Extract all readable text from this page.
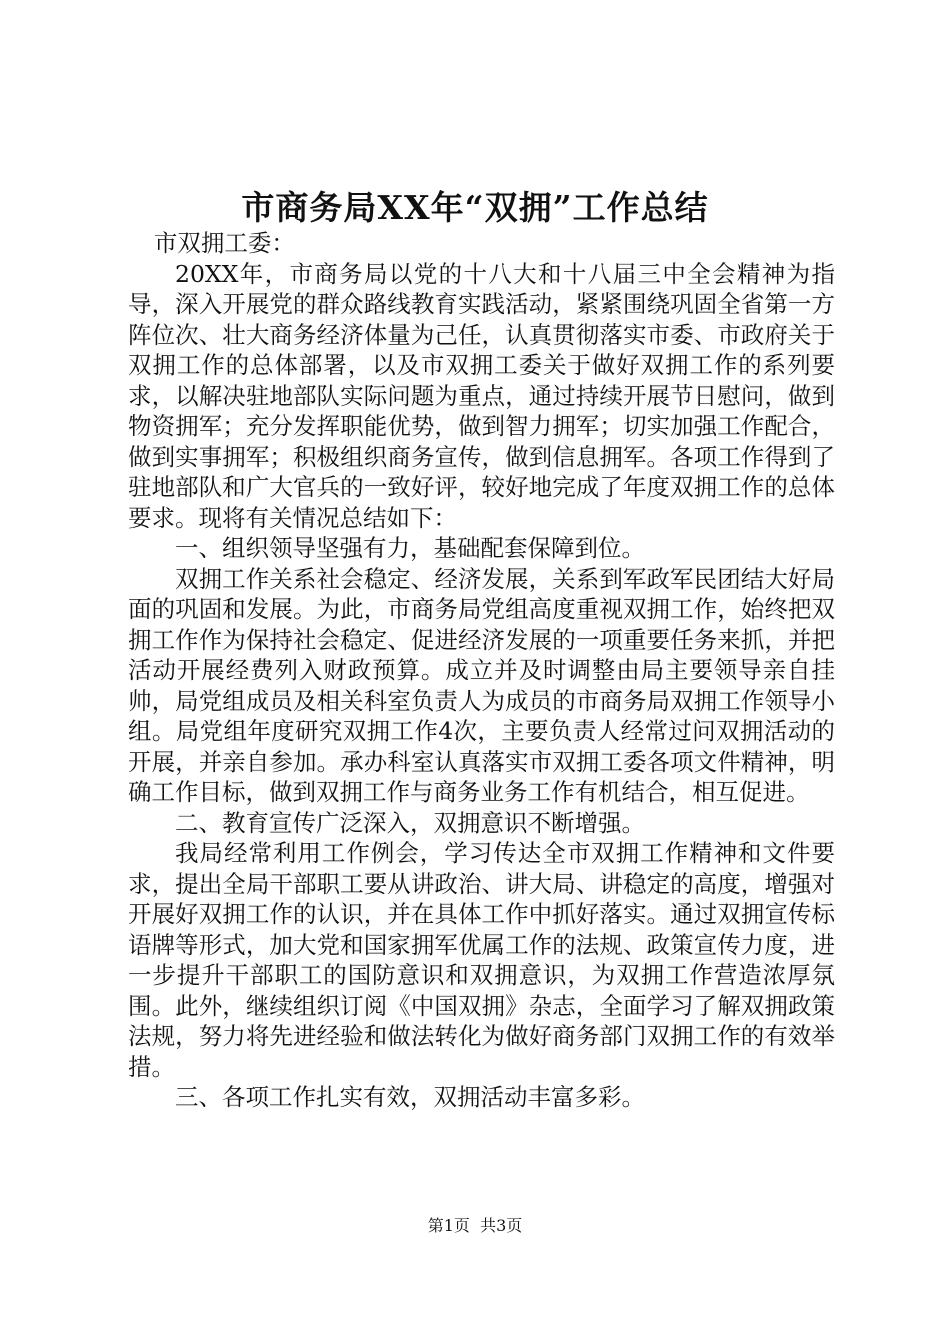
市商务局XX年“双拥”工作总结

市双拥工委：

20XX年，市商务局以党的十八大和十八届三中全会精神为指导，深入开展党的群众路线教育实践活动，紧紧围绕巩固全省第一方阵位次、壮大商务经济体量为己任，认真贯彻落实市委、市政府关于双拥工作的总体部署，以及市双拥工委关于做好双拥工作的系列要求，以解决驻地部队实际问题为重点，通过持续开展节日慰问，做到物资拥军；充分发挥职能优势，做到智力拥军；切实加强工作配合，做到实事拥军；积极组织商务宣传，做到信息拥军。各项工作得到了驻地部队和广大官兵的一致好评，较好地完成了年度双拥工作的总体要求。现将有关情况总结如下：

一、组织领导坚强有力，基础配套保障到位。

双拥工作关系社会稳定、经济发展，关系到军政军民团结大好局面的巩固和发展。为此，市商务局党组高度重视双拥工作，始终把双拥工作作为保持社会稳定、促进经济发展的一项重要任务来抓，并把活动开展经费列入财政预算。成立并及时调整由局主要领导亲自挂帅，局党组成员及相关科室负责人为成员的市商务局双拥工作领导小组。局党组年度研究双拥工作4次，主要负责人经常过问双拥活动的开展，并亲自参加。承办科室认真落实市双拥工委各项文件精神，明确工作目标，做到双拥工作与商务业务工作有机结合，相互促进。

二、教育宣传广泛深入，双拥意识不断增强。

我局经常利用工作例会，学习传达全市双拥工作精神和文件要求，提出全局干部职工要从讲政治、讲大局、讲稳定的高度，增强对开展好双拥工作的认识，并在具体工作中抓好落实。通过双拥宣传标语牌等形式，加大党和国家拥军优属工作的法规、政策宣传力度，进一步提升干部职工的国防意识和双拥意识，为双拥工作营造浓厚氛围。此外，继续组织订阅《中国双拥》杂志，全面学习了解双拥政策法规，努力将先进经验和做法转化为做好商务部门双拥工作的有效举措。

三、各项工作扎实有效，双拥活动丰富多彩。

第1页  共3页
